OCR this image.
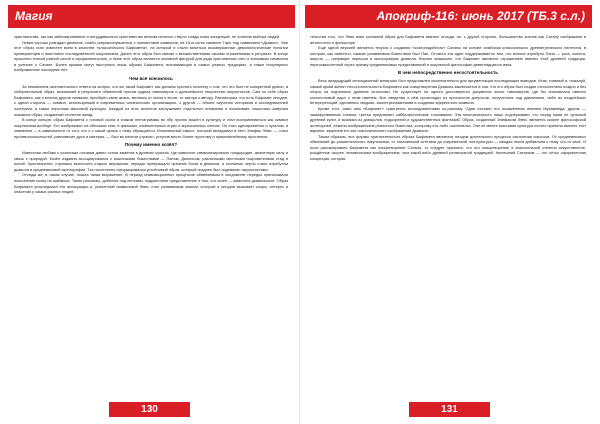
Магия

христианства, так как заблокированное и потрудившееся христианство весьма неплохо стёрло следы иных концепций, не отличив выбора людей.

Левия хорошо разгадал демонов, слабо соприкоснувшегося с элементами символов, на 15-м curse символе Таро под названием «Дьявол». Уже этот образ стал известен всем в качестве «классического Бафомета», на который и стали валиться исковерканные демонологические попытки приверженцев и неистовых последователей оккультизма. Далее этот образ был связан с множественными своими отражениями в ритуалах. В конце прошлого эпохой разной силой и оформленностью, а ныне этот образ является основной фигурой для ряда христианских сект и значимым символом в учениях о Сатане. Более яркими могут выступать лишь образы Бафомета, всплывающие в самых разных традициях, а также популярных изображениях последних лет.

Чем всё кончилось

За неимением окончательного ответа на вопрос, кто же такой Бафомет, мы должны принять гипотезу о том, что это был не конкретный демон, а собирательный образ, возникший в результате обвинений против ордена тамплиеров и дальнейшего творчества оккультистов. Сам по себе образ Бафомета, как и многие другие символы, приобрёл свою жизнь, меняясь от эпохи к эпохе, от автора к автору. Рассмотрим, что есть Бафомет сегодня: с одной стороны — символ, используемый в современных сатанистских организациях, с другой — объект изучения историков и исследователей эзотерики, а также персонаж массовой культуры. Каждый из этих аспектов заслуживает отдельного внимания и показывает, насколько живучим оказался образ, созданный столетия назад.

В конце концов, образ Бафомета с головой козла и знаком пентаграммы во лбу прочно вошёл в культуру и стал восприниматься как символ оккультизма вообще. Его изображают на обложках книг, в фильмах, компьютерных играх и музыкальных клипах. Он стал одновременно и пугалом, и знаменем — в зависимости от того, кто и с какой целью к нему обращается. Изначальный смысл, который вкладывал в него Элифас Леви, — союз противоположностей, равновесие духа и материи, — был во многом утрачен, уступив место более простому и прямолинейному прочтению.

Почему именно козёл?

Известная любовь к козлиным головам давно стала заметна в древних культах, где животное символизировало плодородие, жизненную силу и связь с природой. Козёл издавна ассоциировался с языческими божествами — Паном, Дионисом, различными местными покровителями стад и полей. Христианство, стремясь вытеснить старые верования, нередко превращало прежних богов в демонов, и козлиные черты стали атрибутом дьявола в средневековой иконографии. Так постепенно сформировался устойчивый образ, который позднее был подхвачен оккультистами.

Отсюда же, в таком случае, пошла такая выражение. В период инквизиционных процессов обвиняемым в колдовстве нередко приписывали поклонение козлу на шабашах. Такие рассказы, добытые под пытками, подкрепляли представление о том, что козёл — животное дьявольское. Образ Бафомета унаследовал эти ассоциации и, усиленный символикой Леви, стал узнаваемым знаком, который и сегодня вызывает споры, интерес и опасения у самых разных людей.

130
Апокриф-116: июнь 2017 (ТБ.3 с.л.)

тельства того, что Леви взял козлиный образ для Бафомета именно отсюда, но, с другой стороны, большинство козлов как Сатану изображали в античности и фольклоре.

Ещё одной версией является теория о создании «козлоподобного» Сатаны на основе симбиоза классического древнегреческого пантеона, в котором, как известно, самым узнаваемым божеством был Пан. Отчасти эта идея поддерживается тем, что многие атрибуты Пана — рога, копыта, шерсть — напрямую перешли в иконографию дьявола. Вполне возможно, что Бафомет является отражением именно этой древней традиции, переосмысленной через призму средневековых представлений и оккультной философии девятнадцатого века.

В чем непосредственно несостоятельность

Весь предыдущий сенсационный материал был представлен исключительно для аргументации последующих выводов. Итак, главный и, пожалуй, самый яркий аспект несостоятельности Бафомета как олицетворения Дьявола заключается в том, что его образ был создан относительно поздно и без опоры на подлинные древние источники. Не существует ни одного достоверного документа эпохи тамплиеров, где бы описывался именно козлоголовый идол с этим именем. Все сведения о нём происходят из протоколов допросов, полученных под давлением, либо из позднейших интерпретаций, сделанных людьми, заинтересованными в создании эффектного символа.

Кроме того, само имя «Бафомет» трактуется исследователями по-разному. Одни считают его искажённым именем Мухаммеда, другие — зашифрованным словом, третьи предлагают каббалистические толкования. Эта многозначность лишь подчёркивает, что перед нами не цельный древний культ, а мозаика из домыслов, подозрений и художественных фантазий. Образ, созданный Элифасом Леви, является скорее философской аллегорией, нежели изображением реального божества, которому кто-либо поклонялся. Тем не менее массовая культура охотно приняла именно этот вариант, закрепив его как «каноническое» изображение Дьявола.

Таким образом, все формы притягательного образа Бафомета являются плодом длительного процесса наслоения смыслов. От средневековых обвинений до романтического оккультизма, от сатанинской эстетики до современной поп-культуры — каждая эпоха добавляла к нему что-то своё. И если рассматривать Бафомета как олицетворение Сатаны, то следует признать, что это олицетворение в значительной степени искусственное, рождённое скорее человеческим воображением, чем какой-либо древней религиозной традицией. Нынешний Сатанизм — это чётко оформленная концепция, которая

131
